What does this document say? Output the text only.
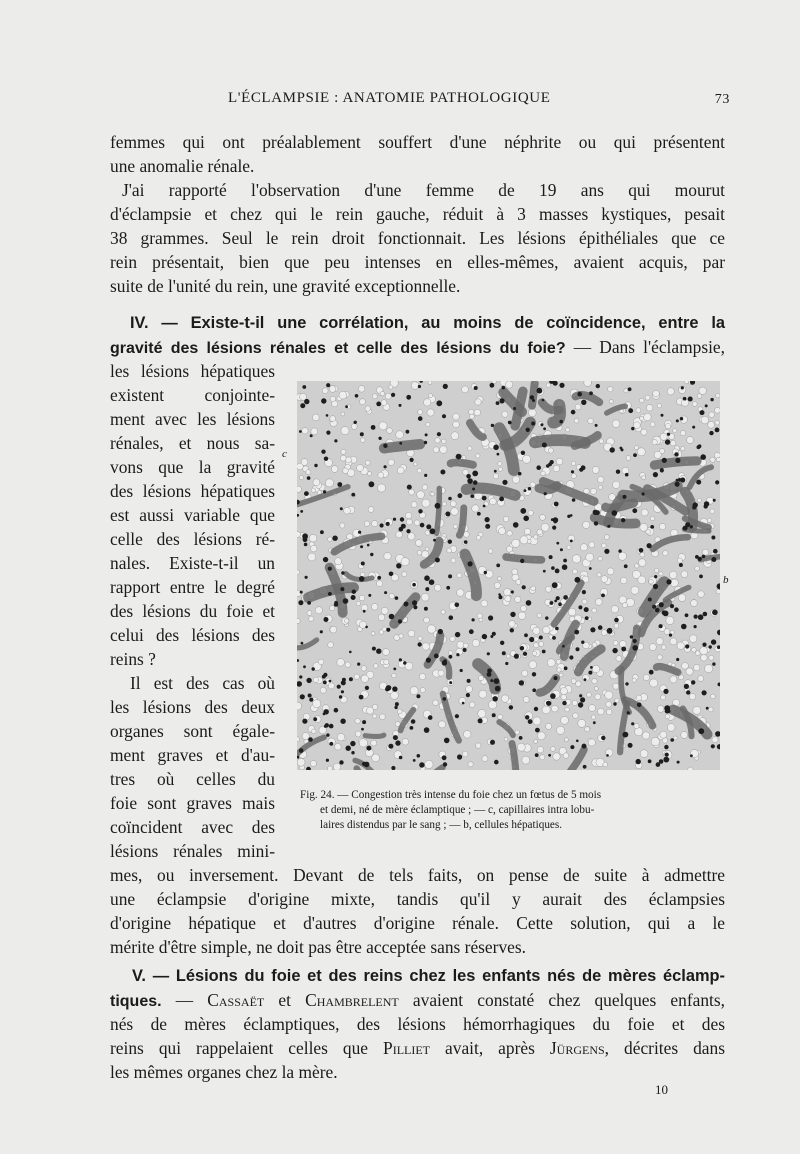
L'ÉCLAMPSIE : ANATOMIE PATHOLOGIQUE	73
femmes qui ont préalablement souffert d'une néphrite ou qui présentent
une anomalie rénale.
J'ai rapporté l'observation d'une femme de 19 ans qui mourut
d'éclampsie et chez qui le rein gauche, réduit à 3 masses kystiques, pesait
38 grammes. Seul le rein droit fonctionnait. Les lésions épithéliales que ce
rein présentait, bien que peu intenses en elles-mêmes, avaient acquis, par
suite de l'unité du rein, une gravité exceptionnelle.
IV. — Existe-t-il une corrélation, au moins de coïncidence, entre la
gravité des lésions rénales et celle des lésions du foie? — Dans l'éclampsie,
les lésions hépatiques
existent conjointe-
ment avec les lésions
rénales, et nous sa-
vons que la gravité
des lésions hépatiques
est aussi variable que
celle des lésions ré-
nales. Existe-t-il un
rapport entre le degré
des lésions du foie et
celui des lésions des
reins ?
Il est des cas où
les lésions des deux
organes sont égale-
ment graves et d'au-
tres où celles du
foie sont graves mais
coïncident avec des
lésions rénales mini-
mes, ou inversement. Devant de tels faits, on pense de suite à admettre
une éclampsie d'origine mixte, tandis qu'il y aurait des éclampsies
d'origine hépatique et d'autres d'origine rénale. Cette solution, qui a le
mérite d'être simple, ne doit pas être acceptée sans réserves.
c
b
Fig. 24. — Congestion très intense du foie chez un fœtus de 5 mois
et demi, né de mère éclamptique ; — c, capillaires intra lobu-
laires distendus par le sang ; — b, cellules hépatiques.
V. — Lésions du foie et des reins chez les enfants nés de mères éclamp-
tiques. — Cassaët et Chambrelent avaient constaté chez quelques enfants,
nés de mères éclamptiques, des lésions hémorrhagiques du foie et des
reins qui rappelaient celles que Pilliet avait, après Jürgens, décrites dans
les mêmes organes chez la mère.
10
